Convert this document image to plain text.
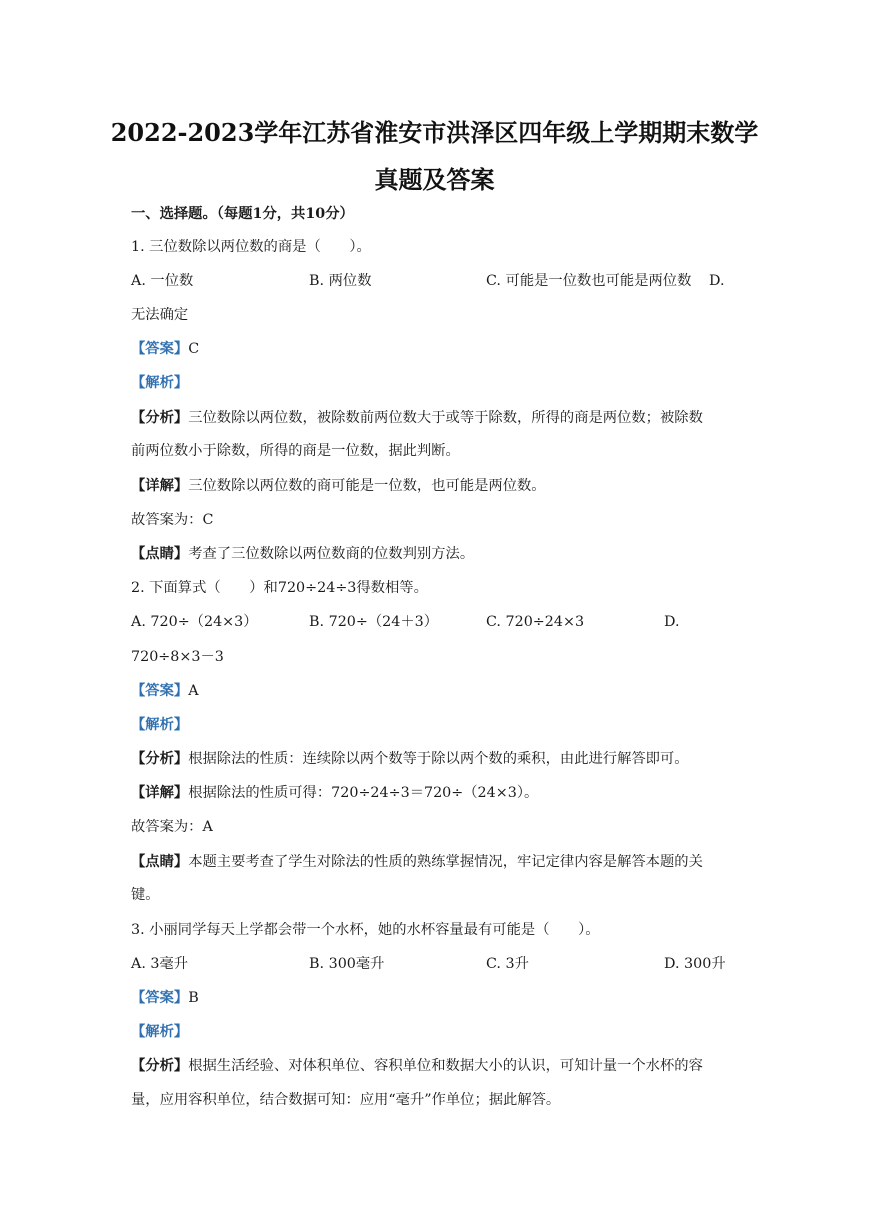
2022-2023学年江苏省淮安市洪泽区四年级上学期期末数学
真题及答案
一、选择题。（每题1分，共10分）
1. 三位数除以两位数的商是（　　）。
A. 一位数	B. 两位数	C. 可能是一位数也可能是两位数 D.
无法确定
【答案】C
【解析】
【分析】三位数除以两位数，被除数前两位数大于或等于除数，所得的商是两位数；被除数
前两位数小于除数，所得的商是一位数，据此判断。
【详解】三位数除以两位数的商可能是一位数，也可能是两位数。
故答案为：C
【点睛】考查了三位数除以两位数商的位数判别方法。
2. 下面算式（　　）和720÷24÷3得数相等。
A. 720÷（24×3）	B. 720÷（24＋3）	C. 720÷24×3	D.
720÷8×3－3
【答案】A
【解析】
【分析】根据除法的性质：连续除以两个数等于除以两个数的乘积，由此进行解答即可。
【详解】根据除法的性质可得：720÷24÷3＝720÷（24×3）。
故答案为：A
【点睛】本题主要考查了学生对除法的性质的熟练掌握情况，牢记定律内容是解答本题的关
键。
3. 小丽同学每天上学都会带一个水杯，她的水杯容量最有可能是（　　）。
A. 3毫升	B. 300毫升	C. 3升	D. 300升
【答案】B
【解析】
【分析】根据生活经验、对体积单位、容积单位和数据大小的认识，可知计量一个水杯的容
量，应用容积单位，结合数据可知：应用“毫升”作单位；据此解答。
